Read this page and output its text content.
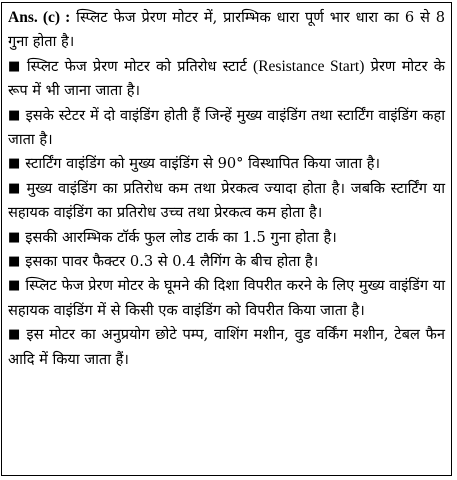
Ans. (c) : स्प्लिट फेज प्रेरण मोटर में, प्रारम्भिक धारा पूर्ण भार धारा का 6 से 8 गुना होता है।

■ स्प्लिट फेज प्रेरण मोटर को प्रतिरोध स्टार्ट (Resistance Start) प्रेरण मोटर के रूप में भी जाना जाता है।

■ इसके स्टेटर में दो वाइंडिंग होती हैं जिन्हें मुख्य वाइंडिंग तथा स्टार्टिंग वाइंडिंग कहा जाता है।

■ स्टार्टिंग वाइंडिंग को मुख्य वाइंडिंग से 90° विस्थापित किया जाता है।

■ मुख्य वाइंडिंग का प्रतिरोध कम तथा प्रेरकत्व ज्यादा होता है। जबकि स्टार्टिंग या सहायक वाइंडिंग का प्रतिरोध उच्च तथा प्रेरकत्व कम होता है।

■ इसकी आरम्भिक टॉर्क फुल लोड टार्क का 1.5 गुना होता है।

■ इसका पावर फैक्टर 0.3 से 0.4 लैगिंग के बीच होता है।

■ स्प्लिट फेज प्रेरण मोटर के घूमने की दिशा विपरीत करने के लिए मुख्य वाइंडिंग या सहायक वाइंडिंग में से किसी एक वाइंडिंग को विपरीत किया जाता है।

■ इस मोटर का अनुप्रयोग छोटे पम्प, वाशिंग मशीन, वुड वर्किंग मशीन, टेबल फैन आदि में किया जाता हैं।
